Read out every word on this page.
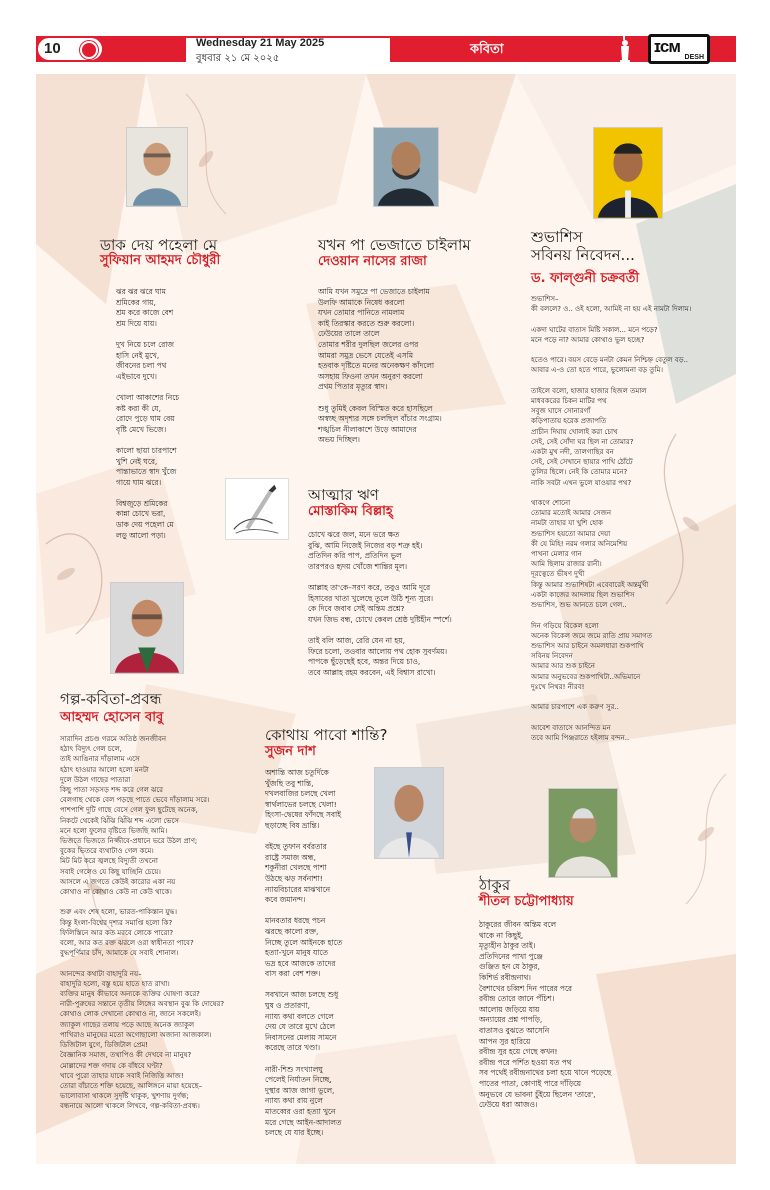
10	Wednesday 21 May 2025
বুধবার ২১ মে ২০২৫
কবিতা	ɪᴄᴍ
DESH
ডাক দেয় পহেলা মে
সুফিয়ান আহমদ চৌধুরী
ঝর ঝর ঝরে ঘাম
শ্রমিকের গায়,
শ্রম করে কাজে বেশ
শ্রম দিয়ে যায়।

দুখ নিয়ে চলে রোজ
হাসি নেই মুখে,
জীবনের চলা পথ
এইভাবে দুখে।

খোলা আকাশের নিচে
কষ্ট করা কী যে,
রোদে পুড়ে ঘাম বেয়
বৃষ্টি মেখে ভিজে।

কালো ছায়া চারপাশে
খুশি নেই ঘরে,
পান্তাভাতে স্বাদ খুঁজে
গায়ে ঘাম ঝরে।

বিশ্বজুড়ে শ্রমিকের
কান্না চোখে ভরা,
ডাক দেয় পহেলা মে
লড়ু আলো পড়া।
যখন পা ভেজাতে চাইলাম
দেওয়ান নাসের রাজা
আমি যখন সমুদ্রে পা ভেজাতে চাইলাম
উলফি আমাকে নিষেধ করলো
যখন তোমার পানিতে নামলাম
কাই তিরস্কার করতে শুরু করলো।
ঢেউয়ের তালে তালে
তোমার শরীর দুলছিল জলের ওপর
আমরা সমুদ্র ভেসে যেতেই এসমি
হতবাক দৃষ্টিতে মনের অনেকক্ষণ কাঁদলো
অসহায় ফিওনা তখন অনুরণ করলো
প্রথম পিতার মৃত্যুর স্বাদ।

শুধু তুমিই কেবল বিস্মিত করে হাসছিলে
অস্বচ্ছ অদৃশ্যর সঙ্গে চলছিল বাঁচার সংগ্রাম।
শঙ্খচিল নীলাকাশে উড়ে আমাদের
অভয় দিচ্ছিল।
শুভাশিস
সবিনয় নিবেদন...
ড. ফাল্গুনী চক্রবর্তী
শুভাশিস–
কী বললে? ও.. ওই হলো, আমিই না হয় এই নামটা দিলাম।

একদা ঘাটের বাতাস মিষ্টি সকাল... মনে পড়ে?
মনে পড়ে না? আমার কোথাও ভুল হচ্ছে?

হতেও পারে। বয়স বেড়ে মনটা কেমন নিশ্চিহ্ন বেতুল বড়..
আবার এ-ও তো হতে পারে, ভুলোমনা বড় তুমি।

তাইলে বলো, হাজার হাজার হিজল তমাল
মাধবকরের চিকন মাটির পথ
সবুজ ঘাসে সোনারগাঁ
কড়িপাতায় হরেক প্রজাপতি
প্রাচীন দিঘায় খোলাই করা চোখ
সেই, সেই সোঁদা ঘর ছিল না তোমার?
একটা মুখ নদী, তালগাছির বন
সেই, সেই সেখানে ছায়ার পাখি ঠোঁটে
তুলির ছিলে। নেই কি তোমার মনে?
নাকি সবটা এখন ভুলে যাওয়ার পথ?

থাকগে শোনো
তোমার মতোই আমার সেজন
নামটা তাহার যা খুশি হোক
শুভাশিস হয়তো আমার দেয়া
কী যে মিহি! নরম গলার অনিমেশিয়
পাখনা মেলার গান
আমি ছিলাম রাজার রানী।
দূরত্বেতে ভীষণ দুখী
কিন্তু আমার শুভাশিষটা এবেবারেই অন্তর্মুখী
একটা কাজের আদলায় ছিল শুভাশিস
শুভাশিস, শুভ আনতে চলে গেল..

দিন গড়িয়ে বিকেল হলো
অনেক বিকেল জমে জমে রাতি প্রায় সমাগত
শুভাশিস আর চাইনে অমলধারা শুকপাখি
সবিনয় নিবেদন
আমার আর শুক চাইনে
আমার অনুভবের শুকপাখিটা..অভিমানে
দুঃখে নিথর! নীরব!

আমার চারপাশে এক করুণ সুর..

আবেশ বাতাসে আনন্দিত মন
তবে আমি পিঞ্জরাতে হইলাম বন্দন..
আত্মার ঋণ
মোস্তাকিম বিল্লাহ্
চোখে ঝরে জল, মনে ভরে ক্ষত
বুঝি, আমি নিজেই নিজের বড় শত্রু হই।
প্রতিদিন করি পাপ, প্রতিদিন ভুল
তারপরও হৃদয় খোঁজে শান্তির মূল।

আল্লাহ তা'কে–সরণ করে, তবুও আমি দূরে
হিসাবের খাতা খুলেছে তুলে উঠি শূন্য সুরে।
কে দিবে জবাব সেই অন্তিম প্রশ্নে?
যখন জিভ বন্ধ, চোখে কেবল শ্রেষ্ঠ দুষ্টিহীন স্পর্শে।

তাই বলি আজ, রেরি যেন না হয়,
ফিরে চলো, তওবার আলোয় পথ হোক সুবর্ণময়।
পাপকে ছুঁড়েছেই হবে, অন্তর দিয়ে চাও,
তবে আল্লাহ রহম করবেন, এই বিশ্বাস রাখো।
গল্প-কবিতা-প্রবন্ধ
আহম্মদ হোসেন বাবু
সারাদিন প্রচণ্ড গরমে অতিষ্ঠ জনজীবন
হঠাৎ বিদ্যুৎ গেল চলে,
তাই আঙিনার দাঁড়ালাম এসে
হঠাৎ হাওয়ার আলো হলো মনটা
দুলে উঠল গাছের পাতারা
কিছু পাতা সড়সড় শব্দ করে গেল ঝরে
বেলগাছ থেকে বেল পড়ছে পাতে ভেবে দাঁড়ালাম সরে।
পাশপাশি দুটি গাছে বেসে গেল ফুল ছুটেছে অনেক,
নিকটে থেকেই ঝিঁঝি ঝিঁঝি শব্দ এলো ভেসে
মনে হলো ফুলের বৃষ্টিতে ভিজছি আমি।
ভিজতে ভিজতে নিজ্জীবে-প্রধানে ভরে উঠল প্রাণ;
বুকের ভিতরে ব্যথাটাও গেল কমে।
মিট মিট করে জ্বলছে বিদ্যুতী তখনো
সবাই গেলেও যে কিছু যাচ্ছিনি চেয়ে।
আসলে এ জগতে কেউই কারোর একা নয়
কোথাও না কোথাও কেউ না কেউ থাকে।

শুরু এবং শেষ হলো, ভারত-পাকিস্তান যুদ্ধ।
কিন্তু ইংলা-বিশ্বের দৃশ্যর সমাপ্তি হলো কি?
ফিলিস্তিনে আর কত মরবে লোকে পারো?
বলো, আর কত রক্ত ঝরলে ওরা স্বাধীনতা পাবে?
বুদ্ধপূর্ণিমার চাঁদ, আমাকে যে সবাই শোনাল।

আনন্দের কথাটা বাহাদুরি নয়–
বাহাদুরি হলো, বস্তু হয়ে হাতে হাত রাখা।
ব্যক্তির মানুষ কীভাবে অন্যকে ব্যক্তির ঘোষণা করে?
নারী-পুরুষের সন্তানে তৃতীয় লিঙ্গের অবস্থান বুঝ কি দোষের?
কোথাও লোক দেখানো কোথাও না, জানে সকলেই।
জ্যাকুল গাছের তলায় পড়ে আছে অনেক জ্যাকুল
পাখিরাও মানুষের মতো অগোছালো অজানা আজকাল।
ডিজিটাল যুগে, ডিজিটাল প্রেম!
বৈজ্ঞানিক সমাজ, তথাপিও কী দেখবে না মানুষ?
মোল্লাদের শক্ত গদায় কে বাঁধবে ঘণ্টা?
খাবে পুরো তাহার যাকে সবাই নিজিত্তি আজ!
তোরা বাঁচাতে শক্তি হয়েছে, আলিঙ্গনে মায়া হয়েছে–
ভালোবাসা থাকলে সুদৃষ্টি থাকুক, খুশণায় দুর্গন্ধ;
বন্ধনায়ে আলো থাকলে লিখবে, গল্প-কবিতা-প্রবন্ধ।
কোথায় পাবো শান্তি?
সুজন দাশ
অশান্তি আজ চতুর্দিকে
খুঁজছি তবু শান্তি,
দখলবাজির চলছে খেলা
স্বার্থলাভের চলছে খেলা!
হিংসা-দ্বেষের ফাঁদছে সবাই
ছড়াচ্ছে বিষ ভ্রান্তি।

বইছে তুফান বর্বরতার
রাষ্ট্রে সমাজ অন্ধ,
শকুনীরা খেলছে পাশা
উঠছে ঝড় সর্বনাশা!
ন্যায়বিচারের মাঝখানে
কবে জমানন্দ।

মানবতার ধরছে পচন
ঝরছে কালো রক্ত,
নিচ্ছে তুলে আইনকে হাতে
হত্যা-খুনে মানুষ যাতে
ভদ্র হবে আজকে তাদের
বাস করা বেশ শক্ত।

সবখানে আজ চলছে শুধু
ঘুষ ও প্রতারণা,
ন্যায্য কথা বলতে গেলে
দেয় যে তারে মুখে ঠেলে
নিবাসনের মেলায় সামনে
করেছে তারে খণ্ডা।

নারী-শিশু সংখ্যালঘু
পেলেই নির্যাতন নিচ্ছে,
দুস্থার আজ জাগা ভুলে,
ন্যায্য কথা রায় নুলে
মাতব্বের ওরা হত্যা খুনে
মরে গেছে আইন-আদালত
চলছে যে যার ইচ্ছে।
ঠাকুর
শীতল চট্টোপাধ্যায়
ঠাকুরের জীবন অন্তিম বলে
থাকে না কিছুই,
মৃত্যুহীন ঠাকুর তাই।
প্রতিদিনের পাখা পুঞ্জে
গুঞ্জিত হন যে ঠাকুর,
কিশির্ভ রবীন্দ্রনাথ।
বৈশাখের চব্বিশ দিন পারের পরে
রবীন্দ্র তোরে জানে পঁচিশ।
আলোয় জড়িয়ে যায়
অন্যায়ের প্রশ্ন পাপড়ি,
বাতাসও বুঝতে আসেনি
আপন সুর হারিয়ে
রবীন্দ্র সুর হয়ে গেছে কখন!
রবীন্দ্র পরে পর্শিত হওয়া যত পথ
সব পথেই রবীন্দ্রনাথের চলা হয়ে খানে পড়েছে
পাতের পাতা, কোণাই পারে দাঁড়িয়ে
অনুভবে যে ভাবনা চুঁইয়ে ছিলেন 'তারে',
ঢেউয়ে ধরা আজও।
